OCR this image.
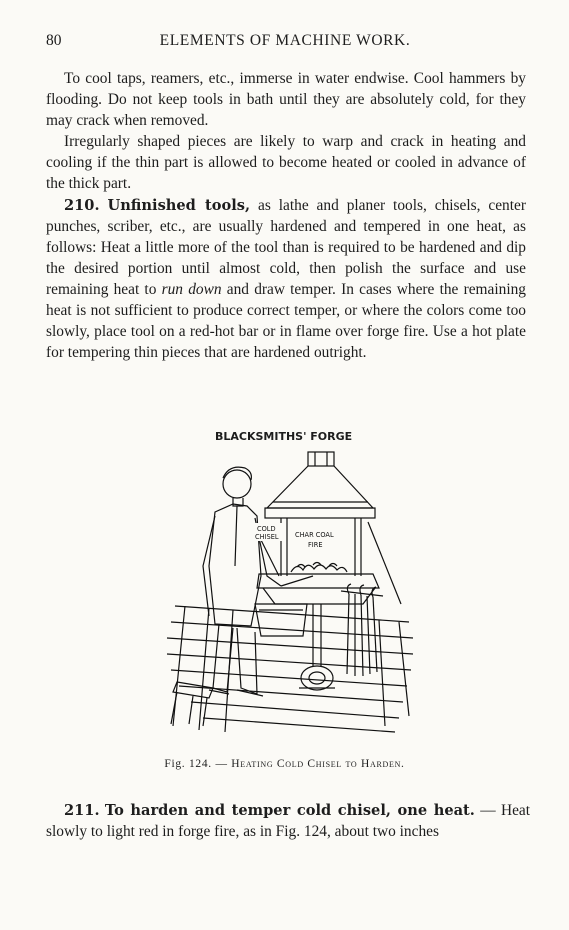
80	ELEMENTS OF MACHINE WORK.

To cool taps, reamers, etc., immerse in water endwise. Cool hammers by flooding. Do not keep tools in bath until they are absolutely cold, for they may crack when removed.

Irregularly shaped pieces are likely to warp and crack in heating and cooling if the thin part is allowed to become heated or cooled in advance of the thick part.

210. Unfinished tools, as lathe and planer tools, chisels, center punches, scriber, etc., are usually hardened and tempered in one heat, as follows: Heat a little more of the tool than is required to be hardened and dip the desired portion until almost cold, then polish the surface and use remaining heat to run down and draw temper. In cases where the remaining heat is not sufficient to produce correct temper, or where the colors come too slowly, place tool on a red-hot bar or in flame over forge fire. Use a hot plate for tempering thin pieces that are hardened outright.

BLACKSMITHS' FORGE
COLD
CHISEL CHAR COAL
FIRE
Fig. 124. — Heating Cold Chisel to Harden.

211. To harden and temper cold chisel, one heat. — Heat slowly to light red in forge fire, as in Fig. 124, about two inches
